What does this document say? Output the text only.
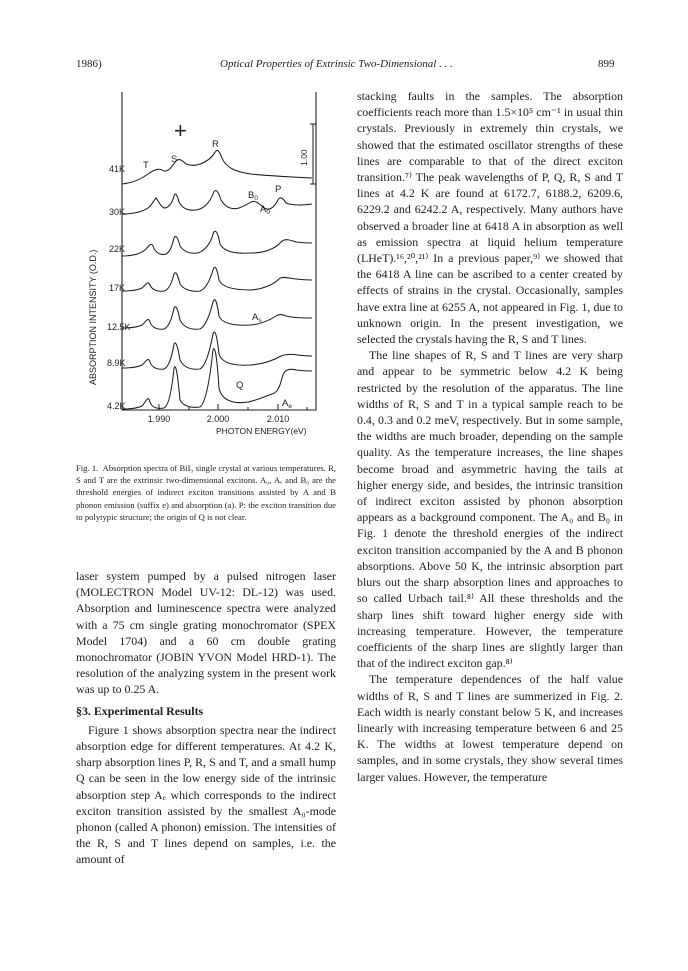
1986)	Optical Properties of Extrinsic Two-Dimensional . . .	899
1.990	2.000	2.010
PHOTON ENERGY(eV)
ABSORPTION INTENSITY (O.D.)
1.00
+
41K
30K
22K
17K
12.5K
8.9K
4.2K
T
S
R
$B_0$
P
$A_0$
$A_s$
Q
$A_e$

Fig. 1. Absorption spectra of BiI₃ single crystal at various temperatures. R, S and T are the extrinsic two-dimensional excitons. A₀, Aₑ and B₀ are the threshold energies of indirect exciton transitions assisted by A and B phonon emission (suffix e) and absorption (a). P: the exciton transition due to polytypic structure; the origin of Q is not clear.

laser system pumped by a pulsed nitrogen laser (MOLECTRON Model UV-12: DL-12) was used. Absorption and luminescence spectra were analyzed with a 75 cm single grating monochromator (SPEX Model 1704) and a 60 cm double grating monochromator (JOBIN YVON Model HRD-1). The resolution of the analyzing system in the present work was up to 0.25 A.

§3. Experimental Results

Figure 1 shows absorption spectra near the indirect absorption edge for different temperatures. At 4.2 K, sharp absorption lines P, R, S and T, and a small hump Q can be seen in the low energy side of the intrinsic absorption step Aₑ which corresponds to the indirect exciton transition assisted by the smallest A₀-mode phonon (called A phonon) emission. The intensities of the R, S and T lines depend on samples, i.e. the amount of

stacking faults in the samples. The absorption coefficients reach more than 1.5×10⁵ cm⁻¹ in usual thin crystals. Previously in extremely thin crystals, we showed that the estimated oscillator strengths of these lines are comparable to that of the direct exciton transition.⁷⁾ The peak wavelengths of P, Q, R, S and T lines at 4.2 K are found at 6172.7, 6188.2, 6209.6, 6229.2 and 6242.2 A, respectively. Many authors have observed a broader line at 6418 A in absorption as well as emission spectra at liquid helium temperature (LHeT).¹⁶,²⁰,²¹⁾ In a previous paper,⁹⁾ we showed that the 6418 A line can be ascribed to a center created by effects of strains in the crystal. Occasionally, samples have extra line at 6255 A, not appeared in Fig. 1, due to unknown origin. In the present investigation, we selected the crystals having the R, S and T lines.

The line shapes of R, S and T lines are very sharp and appear to be symmetric below 4.2 K being restricted by the resolution of the apparatus. The line widths of R, S and T in a typical sample reach to be 0.4, 0.3 and 0.2 meV, respectively. But in some sample, the widths are much broader, depending on the sample quality. As the temperature increases, the line shapes become broad and asymmetric having the tails at higher energy side, and besides, the intrinsic transition of indirect exciton assisted by phonon absorption appears as a background component. The A₀ and B₀ in Fig. 1 denote the threshold energies of the indirect exciton transition accompanied by the A and B phonon absorptions. Above 50 K, the intrinsic absorption part blurs out the sharp absorption lines and approaches to so called Urbach tail.⁸⁾ All these thresholds and the sharp lines shift toward higher energy side with increasing temperature. However, the temperature coefficients of the sharp lines are slightly larger than that of the indirect exciton gap.⁸⁾

The temperature dependences of the half value widths of R, S and T lines are summerized in Fig. 2. Each width is nearly constant below 5 K, and increases linearly with increasing temperature between 6 and 25 K. The widths at lowest temperature depend on samples, and in some crystals, they show several times larger values. However, the temperature
